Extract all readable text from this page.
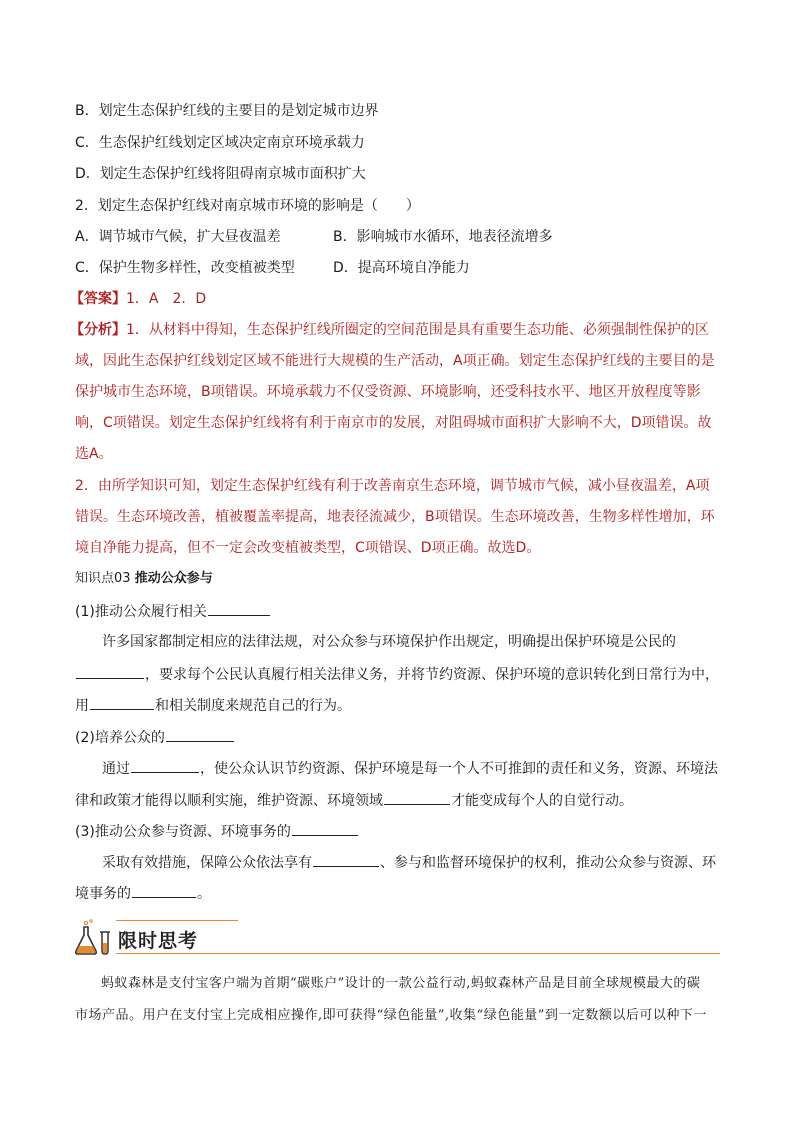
B．划定生态保护红线的主要目的是划定城市边界
C．生态保护红线划定区域决定南京环境承载力
D．划定生态保护红线将阻碍南京城市面积扩大
2．划定生态保护红线对南京城市环境的影响是（　　）
A．调节城市气候，扩大昼夜温差	B．影响城市水循环，地表径流增多
C．保护生物多样性，改变植被类型	D．提高环境自净能力
【答案】1．A　2．D
【分析】1．从材料中得知，生态保护红线所圈定的空间范围是具有重要生态功能、必须强制性保护的区
域，因此生态保护红线划定区域不能进行大规模的生产活动，A项正确。划定生态保护红线的主要目的是
保护城市生态环境，B项错误。环境承载力不仅受资源、环境影响，还受科技水平、地区开放程度等影
响，C项错误。划定生态保护红线将有利于南京市的发展，对阻碍城市面积扩大影响不大，D项错误。故
选A。
2．由所学知识可知，划定生态保护红线有利于改善南京生态环境，调节城市气候，减小昼夜温差，A项
错误。生态环境改善，植被覆盖率提高，地表径流减少，B项错误。生态环境改善，生物多样性增加，环
境自净能力提高，但不一定会改变植被类型，C项错误、D项正确。故选D。
知识点03 推动公众参与
(1)推动公众履行相关
许多国家都制定相应的法律法规，对公众参与环境保护作出规定，明确提出保护环境是公民的
，要求每个公民认真履行相关法律义务，并将节约资源、保护环境的意识转化到日常行为中，
用	和相关制度来规范自己的行为。
(2)培养公众的
通过	，使公众认识节约资源、保护环境是每一个人不可推卸的责任和义务，资源、环境法
律和政策才能得以顺利实施，维护资源、环境领域	才能变成每个人的自觉行动。
(3)推动公众参与资源、环境事务的
采取有效措施，保障公众依法享有	、参与和监督环境保护的权利，推动公众参与资源、环
境事务的	。
限时思考
蚂蚁森林是支付宝客户端为首期“碳账户”设计的一款公益行动,蚂蚁森林产品是目前全球规模最大的碳
市场产品。用户在支付宝上完成相应操作,即可获得“绿色能量”,收集“绿色能量”到一定数额以后可以种下一
